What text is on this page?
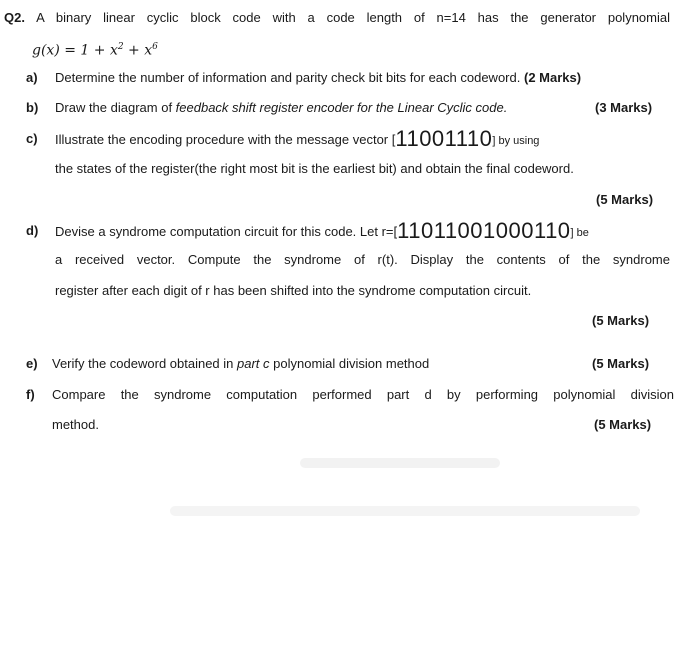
Q2. A binary linear cyclic block code with a code length of n=14 has the generator polynomial
$g(x) = 1 + x^2 + x^6$
a) Determine the number of information and parity check bit bits for each codeword. (2 Marks)
b) Draw the diagram of feedback shift register encoder for the Linear Cyclic code.	(3 Marks)
c) Illustrate the encoding procedure with the message vector [11001110] by using
the states of the register(the right most bit is the earliest bit) and obtain the final codeword.
(5 Marks)
d) Devise a syndrome computation circuit for this code. Let r=[11011001000110] be
a received vector. Compute the syndrome of r(t). Display the contents of the syndrome
register after each digit of r has been shifted into the syndrome computation circuit.
(5 Marks)
e) Verify the codeword obtained in part c polynomial division method	(5 Marks)
f) Compare the syndrome computation performed part d by performing polynomial division
method.	(5 Marks)
